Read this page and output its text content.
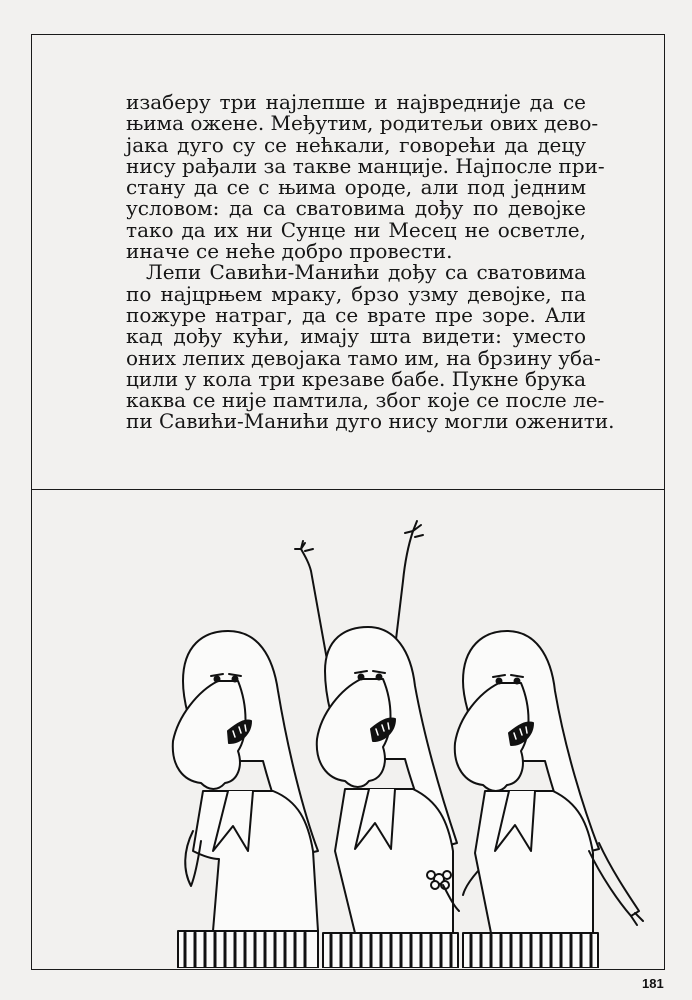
изаберу три најлепше и највредније да се
њима ожене. Међутим, родитељи ових дево-
јака дуго су се нећкали, говорећи да децу
нису рађали за такве манције. Најпосле при-
стану да се с њима ороде, али под једним
условом: да са сватовима дођу по девојке
тако да их ни Сунце ни Месец не осветле,
иначе се неће добро провести.

Лепи Савићи-Манићи дођу са сватовима
по најцрњем мраку, брзо узму девојке, па
пожуре натраг, да се врате пре зоре. Али
кад дођу кући, имају шта видети: уместо
оних лепих девојака тамо им, на брзину уба-
цили у кола три крезаве бабе. Пукне брука
каква се није памтила, због које се после ле-
пи Савићи-Манићи дуго нису могли оженити.

181
